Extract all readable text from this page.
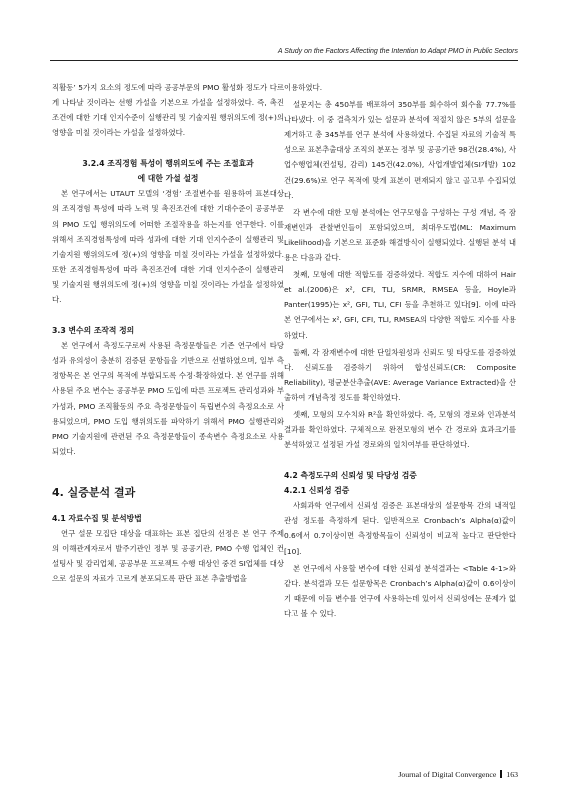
A Study on the Factors Affecting the Intention to Adapt PMO in Public Sectors

직활동’ 5가지 요소의 정도에 따라 공공부문의 PMO 활성화 정도가 다르게 나타날 것이라는 선행 가설을 기본으로 가설을 설정하였다. 즉, 촉진조건에 대한 기대 인지수준이 실행관리 및 기술지원 행위의도에 정(+)의 영향을 미칠 것이라는 가설을 설정하였다.

3.2.4 조직경험 특성이 행위의도에 주는 조절효과
에 대한 가설 설정

본 연구에서는 UTAUT 모델의 ‘경험’ 조절변수를 원용하여 표본대상의 조직경험 특성에 따라 노력 및 촉진조건에 대한 기대수준이 공공부문의 PMO 도입 행위의도에 어떠한 조절작용을 하는지를 연구한다. 이를 위해서 조직경험특성에 따라 성과에 대한 기대 인지수준이 실행관리 및 기술지원 행위의도에 정(+)의 영향을 미칠 것이라는 가설을 설정하였다. 또한 조직경험특성에 따라 촉진조건에 대한 기대 인지수준이 실행관리 및 기술지원 행위의도에 정(+)의 영향을 미칠 것이라는 가설을 설정하였다.

3.3 변수의 조작적 정의

본 연구에서 측정도구로써 사용된 측정문항들은 기존 연구에서 타당성과 유의성이 충분히 검증된 문항들을 기반으로 선별하였으며, 일부 측정항목은 본 연구의 목적에 부합되도록 수정·확장하였다. 본 연구를 위해 사용된 주요 변수는 공공부문 PMO 도입에 따른 프로젝트 관리성과와 부가성과, PMO 조직활동의 주요 측정문항들이 독립변수의 측정요소로 사용되었으며, PMO 도입 행위의도를 파악하기 위해서 PMO 실행관리와 PMO 기술지원에 관련된 주요 측정문항들이 종속변수 측정요소로 사용되었다.

4. 실증분석 결과
4.1 자료수집 및 분석방법

연구 설문 모집단 대상을 대표하는 표본 집단의 선정은 본 연구 주제의 이해관계자로서 발주기관인 정부 및 공공기관, PMO 수행 업체인 컨설팅사 및 감리업체, 공공부문 프로젝트 수행 대상인 중견 SI업체를 대상으로 설문의 자료가 고르게 분포되도록 판단 표본 추출방법을

이용하였다.

설문지는 총 450부를 배포하여 350부를 회수하여 회수율 77.7%를 나타냈다. 이 중 결측치가 있는 설문과 분석에 적절치 않은 5부의 설문을 제거하고 총 345부를 연구 분석에 사용하였다. 수집된 자료의 기술적 특성으로 표본추출대상 조직의 분포는 정부 및 공공기관 98건(28.4%), 사업수행업체(컨설팅, 감리) 145건(42.0%), 사업개발업체(SI개발) 102건(29.6%)로 연구 목적에 맞게 표본이 편재되지 않고 골고루 수집되었다.

각 변수에 대한 모형 분석에는 연구모형을 구성하는 구성 개념, 즉 잠재변인과 관찰변인들이 포함되었으며, 최대우도법(ML: Maximum Likelihood)을 기본으로 표준화 해결방식이 실행되었다. 실행된 분석 내용은 다음과 같다.

첫째, 모형에 대한 적합도를 검증하였다. 적합도 지수에 대하여 Hair et al.(2006)은 x², CFI, TLI, SRMR, RMSEA 등을, Hoyle과 Panter(1995)는 x², GFI, TLI, CFI 등을 추천하고 있다[9]. 이에 따라 본 연구에서는 x², GFI, CFI, TLI, RMSEA의 다양한 적합도 지수를 사용하였다.

둘째, 각 잠재변수에 대한 단일차원성과 신뢰도 및 타당도를 검증하였다. 신뢰도를 검증하기 위하여 합성신뢰도(CR: Composite Reliability), 평균분산추출(AVE: Average Variance Extracted)을 산출하여 개념측정 정도를 확인하였다.

셋째, 모형의 모수치와 R²을 확인하였다. 즉, 모형의 경로와 인과분석 결과를 확인하였다. 구체적으로 완전모형의 변수 간 경로와 효과크기를 분석하였고 설정된 가설 경로와의 일치여부를 판단하였다.

4.2 측정도구의 신뢰성 및 타당성 검증
4.2.1 신뢰성 검증

사회과학 연구에서 신뢰성 검증은 표본대상의 설문항목 간의 내적일관성 정도를 측정하게 된다. 일반적으로 Cronbach’s Alpha(α)값이 0.6에서 0.7이상이면 측정항목들이 신뢰성이 비교적 높다고 판단한다[10].

본 연구에서 사용할 변수에 대한 신뢰성 분석결과는 <Table 4-1>와 같다. 분석결과 모든 설문항목은 Cronbach’s Alpha(α)값이 0.6이상이기 때문에 이들 변수를 연구에 사용하는데 있어서 신뢰성에는 문제가 없다고 볼 수 있다.

Journal of Digital Convergence 163
